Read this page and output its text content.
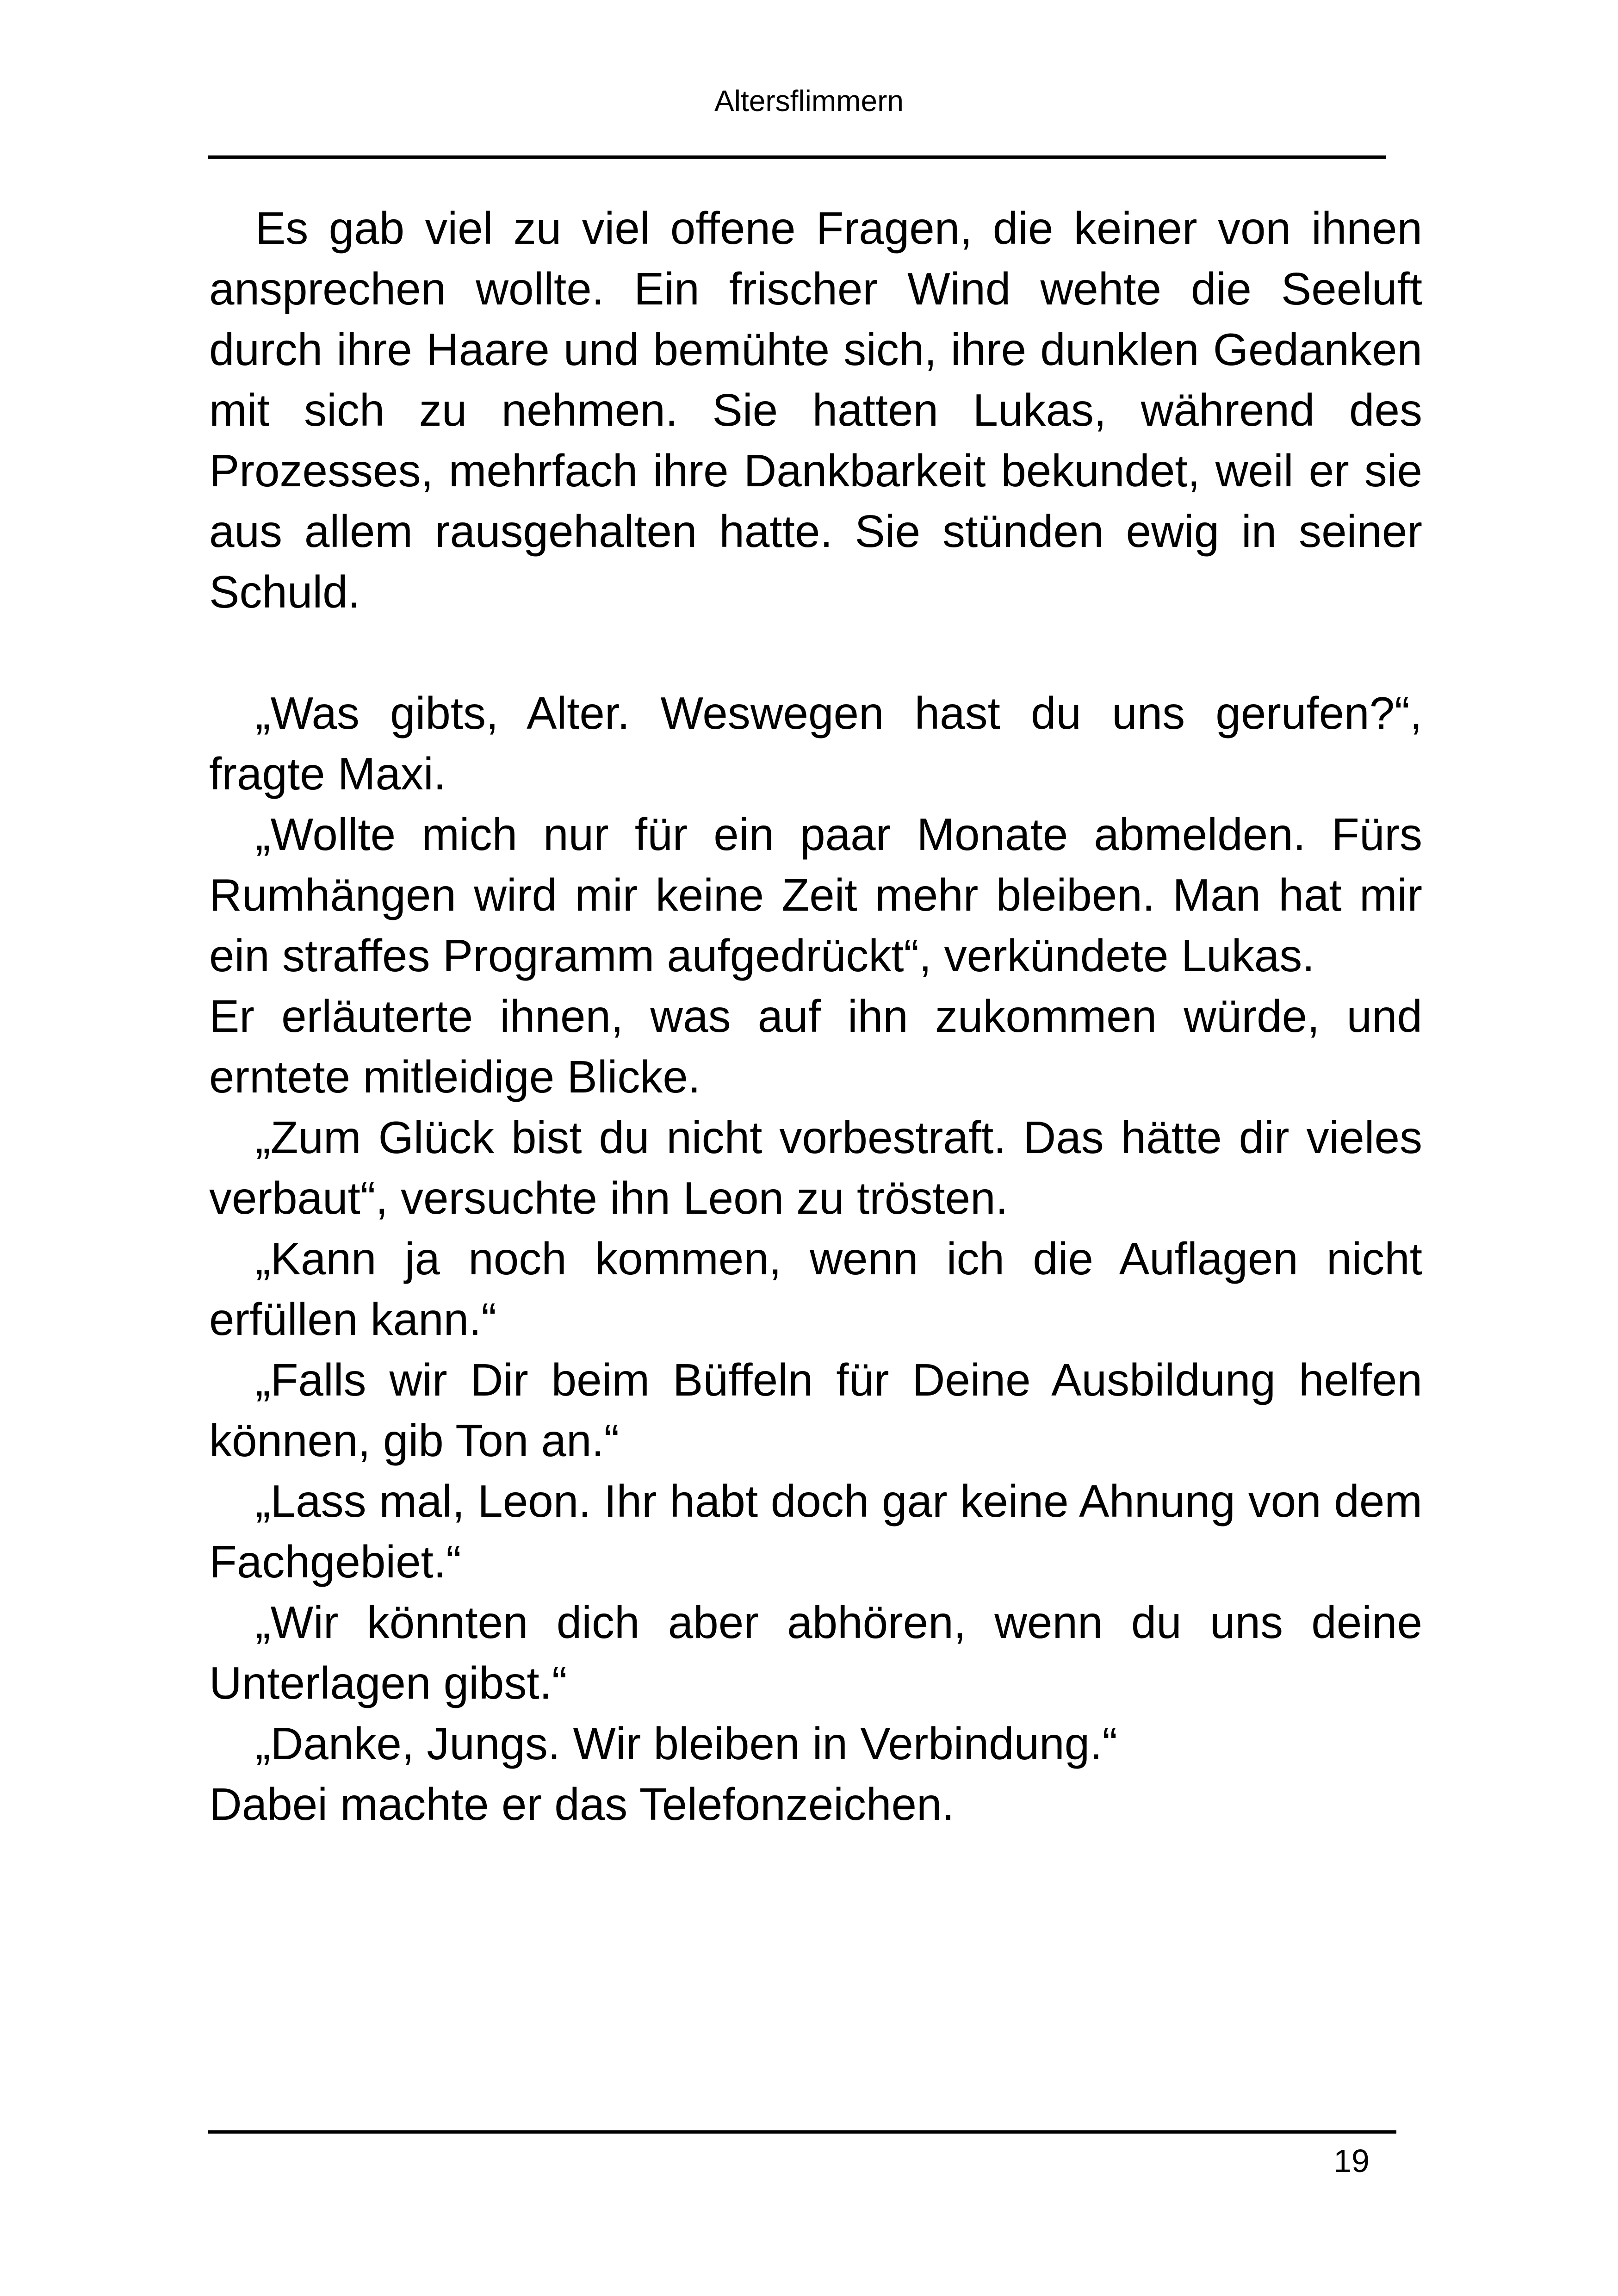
Altersflimmern

Es gab viel zu viel offene Fragen, die keiner von ihnen ansprechen wollte. Ein frischer Wind wehte die Seeluft durch ihre Haare und bemühte sich, ihre dunklen Gedanken mit sich zu nehmen. Sie hatten Lukas, während des Prozesses, mehrfach ihre Dankbarkeit bekundet, weil er sie aus allem rausgehalten hatte. Sie stünden ewig in seiner Schuld.

„Was gibts, Alter. Weswegen hast du uns gerufen?“, fragte Maxi.

„Wollte mich nur für ein paar Monate abmelden. Fürs Rumhängen wird mir keine Zeit mehr bleiben. Man hat mir ein straffes Programm aufgedrückt“, verkündete Lukas.

Er erläuterte ihnen, was auf ihn zukommen würde, und erntete mitleidige Blicke.

„Zum Glück bist du nicht vorbestraft. Das hätte dir vieles verbaut“, versuchte ihn Leon zu trösten.

„Kann ja noch kommen, wenn ich die Auflagen nicht erfüllen kann.“

„Falls wir Dir beim Büffeln für Deine Ausbildung helfen können, gib Ton an.“

„Lass mal, Leon. Ihr habt doch gar keine Ahnung von dem Fachgebiet.“

„Wir könnten dich aber abhören, wenn du uns deine Unterlagen gibst.“

„Danke, Jungs. Wir bleiben in Verbindung.“

Dabei machte er das Telefonzeichen.

19
